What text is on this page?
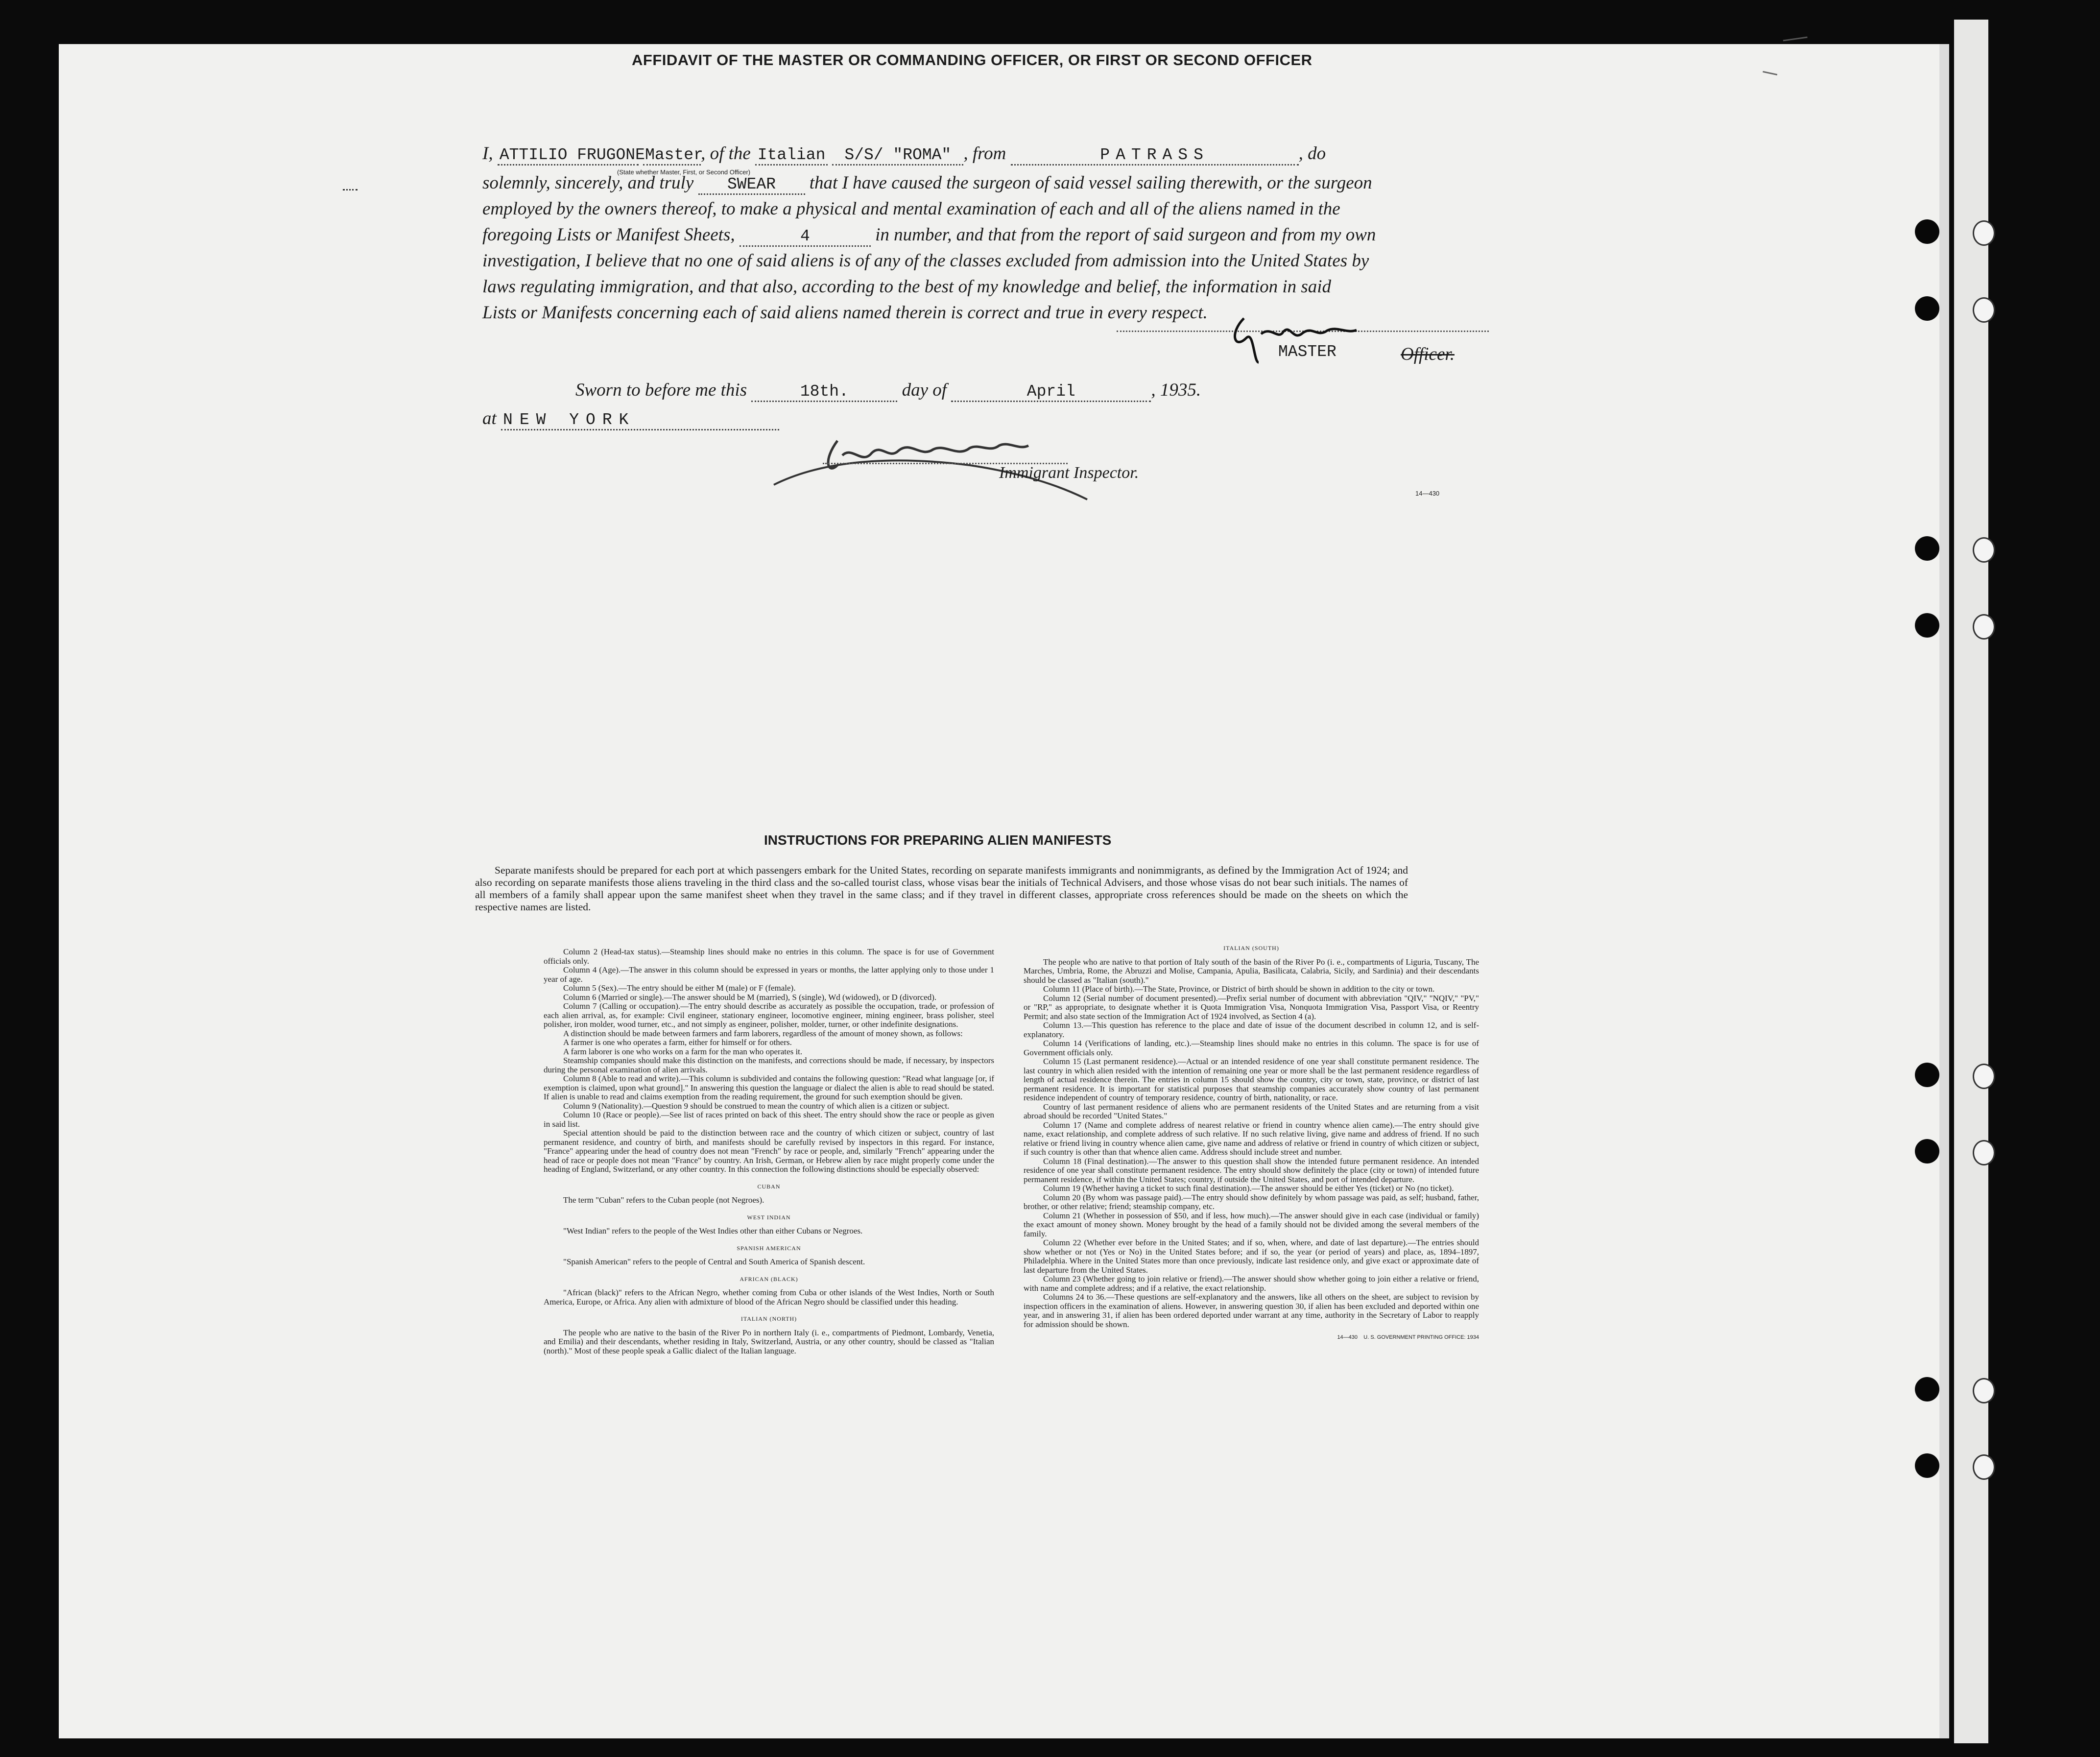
AFFIDAVIT OF THE MASTER OR COMMANDING OFFICER, OR FIRST OR SECOND OFFICER
I, ATTILIO FRUGONE Master, of the Italian S/S/ "ROMA" , from	PATRASS	, do
(State whether Master, First, or Second Officer)
solemnly, sincerely, and truly SWEAR that I have caused the surgeon of said vessel sailing therewith, or the surgeon
employed by the owners thereof, to make a physical and mental examination of each and all of the aliens named in the
foregoing Lists or Manifest Sheets,	4	in number, and that from the report of said surgeon and from my own
investigation, I believe that no one of said aliens is of any of the classes excluded from admission into the United States by
laws regulating immigration, and that also, according to the best of my knowledge and belief, the information in said
Lists or Manifests concerning each of said aliens named therein is correct and true in every respect.
MASTER	Officer.
Sworn to before me this	18th.	day of	April	, 1935.
at NEW YORK
Immigrant Inspector.
14—430
INSTRUCTIONS FOR PREPARING ALIEN MANIFESTS
Separate manifests should be prepared for each port at which passengers embark for the United States, recording on separate manifests immigrants and nonimmigrants, as defined by the Immigration Act of 1924; and also recording on separate manifests those aliens traveling in the third class and the so-called tourist class, whose visas bear the initials of Technical Advisers, and those whose visas do not bear such initials. The names of all members of a family shall appear upon the same manifest sheet when they travel in the same class; and if they travel in different classes, appropriate cross references should be made on the sheets on which the respective names are listed.

Column 2 (Head-tax status).—Steamship lines should make no entries in this column. The space is for use of Government officials only.

Column 4 (Age).—The answer in this column should be expressed in years or months, the latter applying only to those under 1 year of age.

Column 5 (Sex).—The entry should be either M (male) or F (female).

Column 6 (Married or single).—The answer should be M (married), S (single), Wd (widowed), or D (divorced).

Column 7 (Calling or occupation).—The entry should describe as accurately as possible the occupation, trade, or profession of each alien arrival, as, for example: Civil engineer, stationary engineer, locomotive engineer, mining engineer, brass polisher, steel polisher, iron molder, wood turner, etc., and not simply as engineer, polisher, molder, turner, or other indefinite designations.

A distinction should be made between farmers and farm laborers, regardless of the amount of money shown, as follows:

A farmer is one who operates a farm, either for himself or for others.

A farm laborer is one who works on a farm for the man who operates it.

Steamship companies should make this distinction on the manifests, and corrections should be made, if necessary, by inspectors during the personal examination of alien arrivals.

Column 8 (Able to read and write).—This column is subdivided and contains the following question: "Read what language [or, if exemption is claimed, upon what ground]." In answering this question the language or dialect the alien is able to read should be stated. If alien is unable to read and claims exemption from the reading requirement, the ground for such exemption should be given.

Column 9 (Nationality).—Question 9 should be construed to mean the country of which alien is a citizen or subject.

Column 10 (Race or people).—See list of races printed on back of this sheet. The entry should show the race or people as given in said list.

Special attention should be paid to the distinction between race and the country of which citizen or subject, country of last permanent residence, and country of birth, and manifests should be carefully revised by inspectors in this regard. For instance, "France" appearing under the head of country does not mean "French" by race or people, and, similarly "French" appearing under the head of race or people does not mean "France" by country. An Irish, German, or Hebrew alien by race might properly come under the heading of England, Switzerland, or any other country. In this connection the following distinctions should be especially observed:

CUBAN

The term "Cuban" refers to the Cuban people (not Negroes).

WEST INDIAN

"West Indian" refers to the people of the West Indies other than either Cubans or Negroes.

SPANISH AMERICAN

"Spanish American" refers to the people of Central and South America of Spanish descent.

AFRICAN (BLACK)

"African (black)" refers to the African Negro, whether coming from Cuba or other islands of the West Indies, North or South America, Europe, or Africa. Any alien with admixture of blood of the African Negro should be classified under this heading.

ITALIAN (NORTH)

The people who are native to the basin of the River Po in northern Italy (i. e., compartments of Piedmont, Lombardy, Venetia, and Emilia) and their descendants, whether residing in Italy, Switzerland, Austria, or any other country, should be classed as "Italian (north)." Most of these people speak a Gallic dialect of the Italian language.

ITALIAN (SOUTH)

The people who are native to that portion of Italy south of the basin of the River Po (i. e., compartments of Liguria, Tuscany, The Marches, Umbria, Rome, the Abruzzi and Molise, Campania, Apulia, Basilicata, Calabria, Sicily, and Sardinia) and their descendants should be classed as "Italian (south)."

Column 11 (Place of birth).—The State, Province, or District of birth should be shown in addition to the city or town.

Column 12 (Serial number of document presented).—Prefix serial number of document with abbreviation "QIV," "NQIV," "PV," or "RP," as appropriate, to designate whether it is Quota Immigration Visa, Nonquota Immigration Visa, Passport Visa, or Reentry Permit; and also state section of the Immigration Act of 1924 involved, as Section 4 (a).

Column 13.—This question has reference to the place and date of issue of the document described in column 12, and is self-explanatory.

Column 14 (Verifications of landing, etc.).—Steamship lines should make no entries in this column. The space is for use of Government officials only.

Column 15 (Last permanent residence).—Actual or an intended residence of one year shall constitute permanent residence. The last country in which alien resided with the intention of remaining one year or more shall be the last permanent residence regardless of length of actual residence therein. The entries in column 15 should show the country, city or town, state, province, or district of last permanent residence. It is important for statistical purposes that steamship companies accurately show country of last permanent residence independent of country of temporary residence, country of birth, nationality, or race.

Country of last permanent residence of aliens who are permanent residents of the United States and are returning from a visit abroad should be recorded "United States."

Column 17 (Name and complete address of nearest relative or friend in country whence alien came).—The entry should give name, exact relationship, and complete address of such relative. If no such relative living, give name and address of friend. If no such relative or friend living in country whence alien came, give name and address of relative or friend in country of which citizen or subject, if such country is other than that whence alien came. Address should include street and number.

Column 18 (Final destination).—The answer to this question shall show the intended future permanent residence. An intended residence of one year shall constitute permanent residence. The entry should show definitely the place (city or town) of intended future permanent residence, if within the United States; country, if outside the United States, and port of intended departure.

Column 19 (Whether having a ticket to such final destination).—The answer should be either Yes (ticket) or No (no ticket).

Column 20 (By whom was passage paid).—The entry should show definitely by whom passage was paid, as self; husband, father, brother, or other relative; friend; steamship company, etc.

Column 21 (Whether in possession of $50, and if less, how much).—The answer should give in each case (individual or family) the exact amount of money shown. Money brought by the head of a family should not be divided among the several members of the family.

Column 22 (Whether ever before in the United States; and if so, when, where, and date of last departure).—The entries should show whether or not (Yes or No) in the United States before; and if so, the year (or period of years) and place, as, 1894–1897, Philadelphia. Where in the United States more than once previously, indicate last residence only, and give exact or approximate date of last departure from the United States.

Column 23 (Whether going to join relative or friend).—The answer should show whether going to join either a relative or friend, with name and complete address; and if a relative, the exact relationship.

Columns 24 to 36.—These questions are self-explanatory and the answers, like all others on the sheet, are subject to revision by inspection officers in the examination of aliens. However, in answering question 30, if alien has been excluded and deported within one year, and in answering 31, if alien has been ordered deported under warrant at any time, authority in the Secretary of Labor to reapply for admission should be shown.

14—430 U. S. GOVERNMENT PRINTING OFFICE: 1934
